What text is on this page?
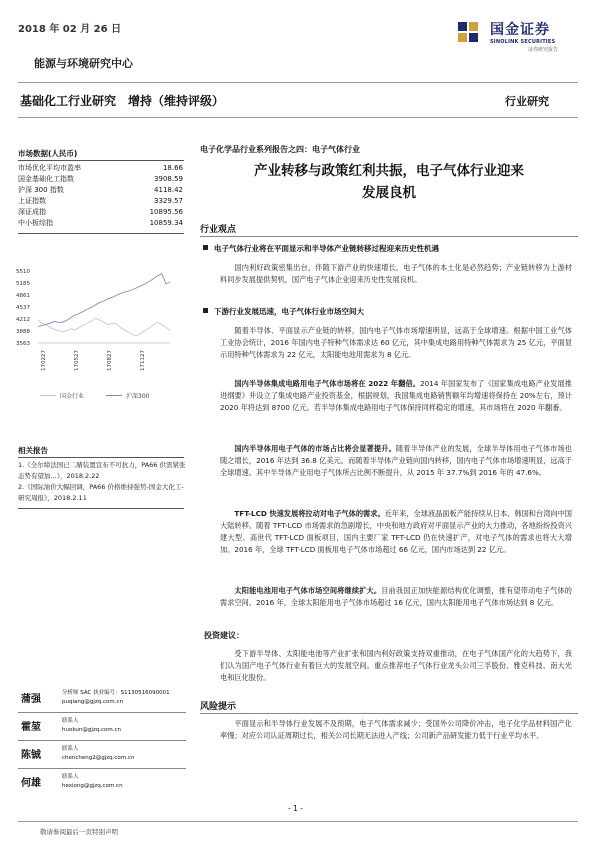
2018 年 02 月 26 日	国金证券
SINOLINK SECURITIES
证券研究报告
能源与环境研究中心
基础化工行业研究　增持（维持评级）	行业研究
市场数据(人民币)
市场优化平均市盈率	18.66
国金基础化工指数	3908.59
沪深 300 指数	4118.42
上证指数	3329.57
深证成指	10895.56
中小板综指	10859.34
5510
5185
4861
4537
4212
3888
3563
170227	170527	170827	171127
国金行业	沪深300
相关报告
1.《全尔缔法国已二腈装置宣布不可抗力，PA66 供需紧张态势有望加...》，2018.2.22
2.《国际油价大幅回调，PA66 价格维持强势-国金大化工-研究周报》，2018.2.11
蒲强
分析师 SAC 执业编号：S1130516090001
puqiang@gjzq.com.cn
霍堃
联系人
huokun@gjzq.com.cn
陈铖
联系人
chencheng2@gjzq.com.cn
何雄
联系人
hexiong@gjzq.com.cn
电子化学品行业系列报告之四：电子气体行业
产业转移与政策红利共振，电子气体行业迎来
发展良机
行业观点
电子气体行业将在平面显示和半导体产业链转移过程迎来历史性机遇
国内利好政策密集出台，伴随下游产业的快速增长，电子气体的本土化是必然趋势；产业链转移为上游材料同步发展提供契机，国产电子气体企业迎来历史性发展良机。
下游行业发展迅速，电子气体行业市场空间大
随着半导体、平面显示产业链的转移，国内电子气体市场增速明显，远高于全球增速。根据中国工业气体工业协会统计，2016 年国内电子特种气体需求达 60 亿元，其中集成电路用特种气体需求为 25 亿元，平面显示用特种气体需求为 22 亿元，太阳能电池用需求为 8 亿元。
国内半导体集成电路用电子气体市场将在 2022 年翻倍。2014 年国家发布了《国家集成电路产业发展推进纲要》并设立了集成电路产业投资基金，根据规划，我国集成电路销售额年均增速将保持在 20%左右，预计 2020 年将达到 8700 亿元。若半导体集成电路用电子气体保持同样稳定的增速，其市场将在 2020 年翻番。
国内半导体用电子气体的市场占比将会显著提升。随着半导体产业的发展，全球半导体用电子气体市场也随之增长，2016 年达到 36.8 亿美元。而随着半导体产业链向国内转移，国内电子气体市场增速明显，远高于全球增速。其中半导体产业用电子气体所占比例不断提升，从 2015 年 37.7%到 2016 年的 47.6%。
TFT-LCD 快速发展将拉动对电子气体的需求。近年来，全球液晶面板产能持续从日本、韩国和台湾向中国大陆转移。随着 TFT-LCD 市场需求的急剧增长，中央和地方政府对平面显示产业的大力推动，各地纷纷投资兴建大型、高世代 TFT-LCD 面板项目，国内主要厂家 TFT-LCD 仍在快速扩产，对电子气体的需求也将大大增加。2016 年，全球 TFT-LCD 面板用电子气体市场超过 66 亿元，国内市场达到 22 亿元。
太阳能电池用电子气体市场空间将继续扩大。目前我国正加快能源结构优化调整，推有望带动电子气体的需求空间。2016 年，全球太阳能用电子气体市场超过 16 亿元，国内太阳能用电子气体市场达到 8 亿元。
投资建议：
受下游半导体、太阳能电池等产业扩张和国内利好政策支持双重推动，在电子气体国产化的大趋势下，我们认为国产电子气体行业有着巨大的发展空间。重点推荐电子气体行业龙头公司三孚股份、雅克科技、南大光电和巨化股份。
风险提示
平面显示和半导体行业发展不及预期，电子气体需求减少；受国外公司降价冲击，电子化学品材料国产化率慢；对应公司认证周期过长，相关公司长期无法进入产线；公司新产品研发能力低于行业平均水平。
- 1 -
敬请参阅最后一页特别声明
